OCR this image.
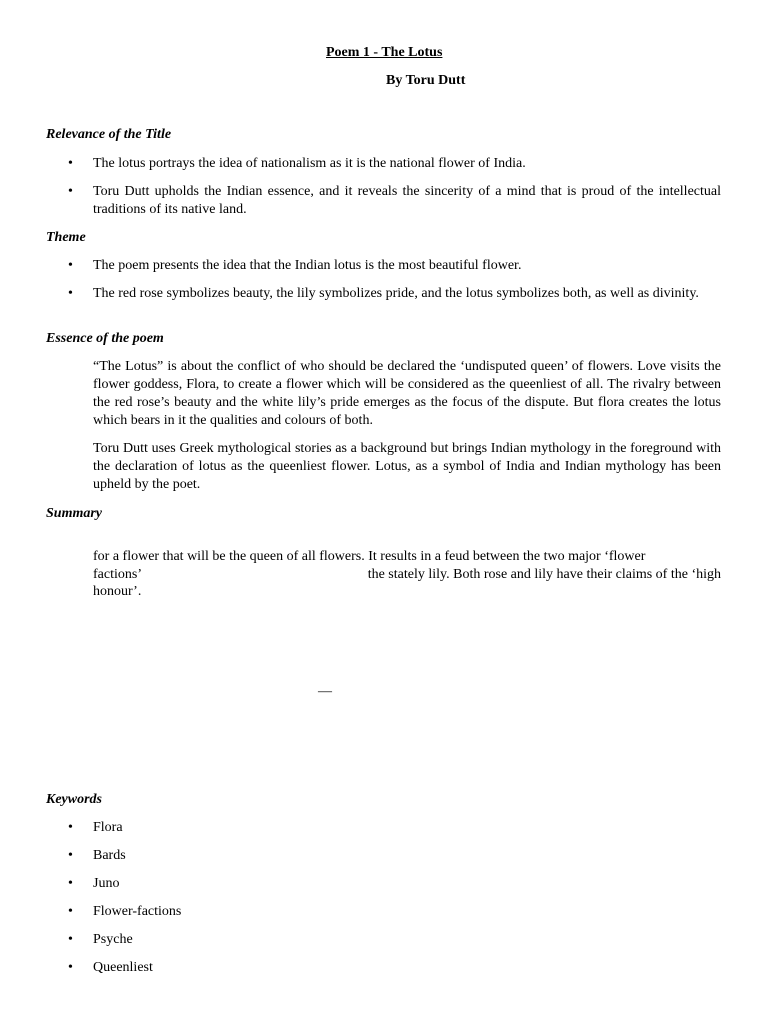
Poem 1 - The Lotus
By Toru Dutt
Relevance of the Title
• The lotus portrays the idea of nationalism as it is the national flower of India.
• Toru Dutt upholds the Indian essence, and it reveals the sincerity of a mind that is proud of the intellectual traditions of its native land.
Theme
• The poem presents the idea that the Indian lotus is the most beautiful flower.
• The red rose symbolizes beauty, the lily symbolizes pride, and the lotus symbolizes both, as well as divinity.
Essence of the poem
“The Lotus” is about the conflict of who should be declared the ‘undisputed queen’ of flowers. Love visits the flower goddess, Flora, to create a flower which will be considered as the queenliest of all. The rivalry between the red rose’s beauty and the white lily’s pride emerges as the focus of the dispute. But flora creates the lotus which bears in it the qualities and colours of both.
Toru Dutt uses Greek mythological stories as a background but brings Indian mythology in the foreground with the declaration of lotus as the queenliest flower. Lotus, as a symbol of India and Indian mythology has been upheld by the poet.
Summary
for a flower that will be the queen of all flowers. It results in a feud between the two major ‘flower
factions’	the stately lily. Both rose and lily have their claims of the ‘high
honour’.
—
Keywords
• Flora
• Bards
• Juno
• Flower-factions
• Psyche
• Queenliest
